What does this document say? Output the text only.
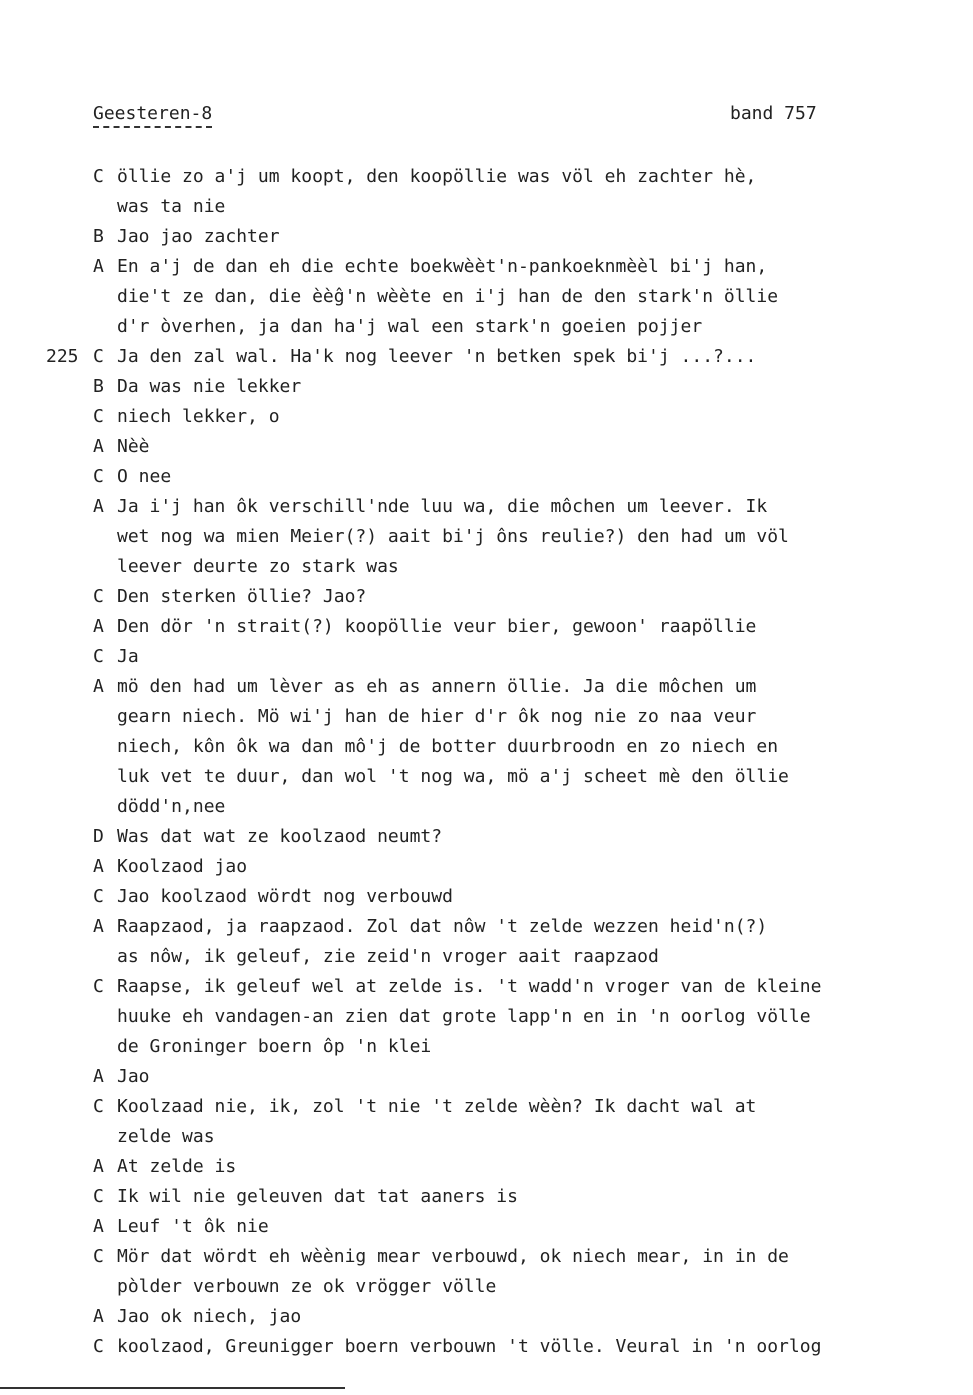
Geesteren-8	band 757
C öllie zo a'j um koopt, den koopöllie was völ eh zachter hè,
was ta nie
B Jao jao zachter
A En a'j de dan eh die echte boekwèèt'n-pankoeknmèèl bi'j han,
die't ze dan, die èèĝ'n wèète en i'j han de den stark'n öllie
d'r òverhen, ja dan ha'j wal een stark'n goeien pojjer
225 C Ja den zal wal. Ha'k nog leever 'n betken spek bi'j ...?...
B Da was nie lekker
C niech lekker, o
A Nèè
C O nee
A Ja i'j han ôk verschill'nde luu wa, die môchen um leever. Ik
wet nog wa mien Meier(?) aait bi'j ôns reulie?) den had um völ
leever deurte zo stark was
C Den sterken öllie? Jao?
A Den dör 'n strait(?) koopöllie veur bier, gewoon' raapöllie
C Ja
A mö den had um lèver as eh as annern öllie. Ja die môchen um
gearn niech. Mö wi'j han de hier d'r ôk nog nie zo naa veur
niech, kôn ôk wa dan mô'j de botter duurbroodn en zo niech en
luk vet te duur, dan wol 't nog wa, mö a'j scheet mè den öllie
dödd'n,nee
D Was dat wat ze koolzaod neumt?
A Koolzaod jao
C Jao koolzaod wördt nog verbouwd
A Raapzaod, ja raapzaod. Zol dat nôw 't zelde wezzen heid'n(?)
as nôw, ik geleuf, zie zeid'n vroger aait raapzaod
C Raapse, ik geleuf wel at zelde is. 't wadd'n vroger van de kleine
huuke eh vandagen-an zien dat grote lapp'n en in 'n oorlog völle
de Groninger boern ôp 'n klei
A Jao
C Koolzaad nie, ik, zol 't nie 't zelde wèèn? Ik dacht wal at
zelde was
A At zelde is
C Ik wil nie geleuven dat tat aaners is
A Leuf 't ôk nie
C Mör dat wördt eh wèènig mear verbouwd, ok niech mear, in in de
pòlder verbouwn ze ok vrögger völle
A Jao ok niech, jao
C koolzaod, Greunigger boern verbouwn 't völle. Veural in 'n oorlog
